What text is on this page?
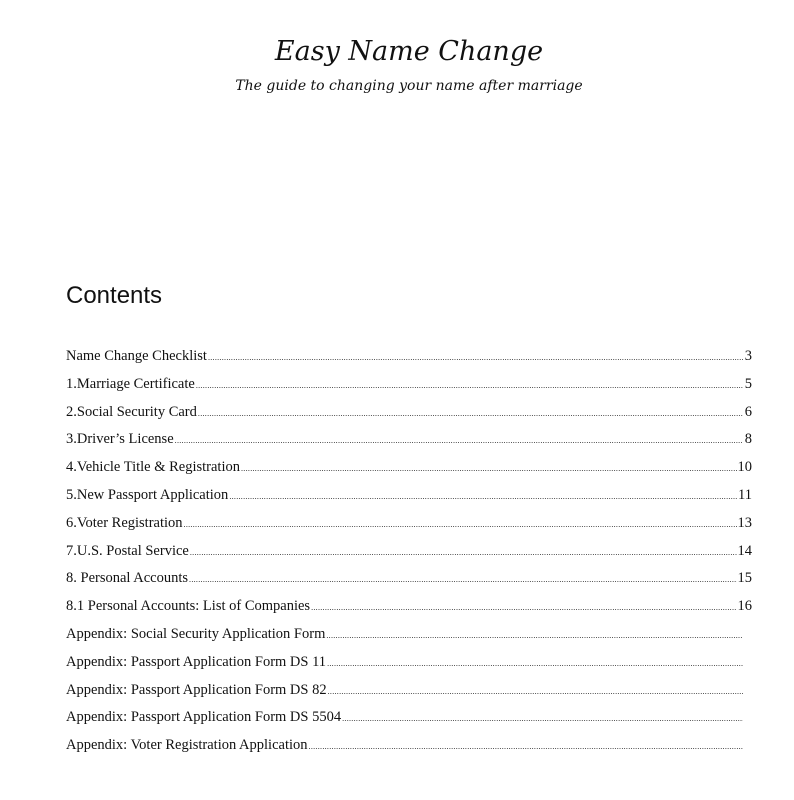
Easy Name Change

The guide to changing your name after marriage

Contents
Name Change Checklist .....	3
1.Marriage Certificate .....	5
2.Social Security Card .....	6
3.Driver’s License .....	8
4.Vehicle Title & Registration .....	10
5.New Passport Application .....	11
6.Voter Registration .....	13
7.U.S. Postal Service .....	14
8. Personal Accounts .....	15
8.1 Personal Accounts: List of Companies .....	16
Appendix: Social Security Application Form
.....
Appendix: Passport Application Form DS 11
.....
Appendix: Passport Application Form DS 82
.....
Appendix: Passport Application Form DS 5504
.....
Appendix: Voter Registration Application
.....
